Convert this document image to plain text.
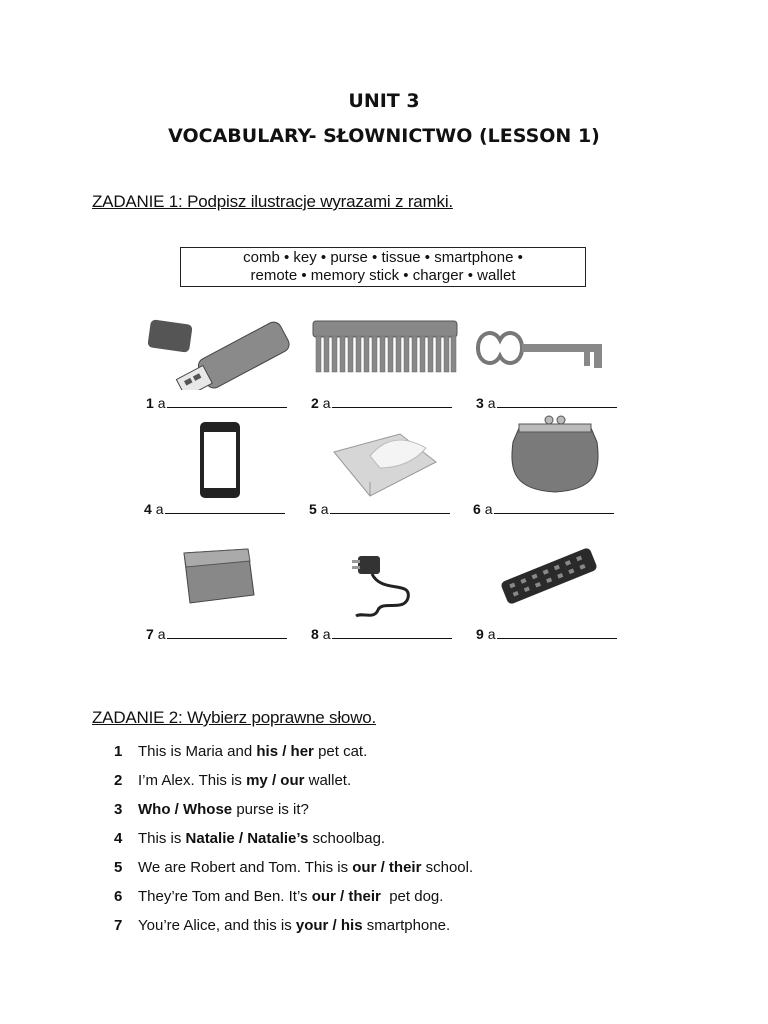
UNIT 3
VOCABULARY- SŁOWNICTWO (LESSON 1)
ZADANIE 1: Podpisz ilustracje wyrazami z ramki.
comb • key • purse • tissue • smartphone •
remote • memory stick • charger • wallet
1 a	2 a	3 a
4 a	5 a	6 a
7 a	8 a	9 a
ZADANIE 2: Wybierz poprawne słowo.
1 This is Maria and his / her pet cat.
2 I’m Alex. This is my / our wallet.
3 Who / Whose purse is it?
4 This is Natalie / Natalie’s schoolbag.
5 We are Robert and Tom. This is our / their school.
6 They’re Tom and Ben. It’s our / their  pet dog.
7 You’re Alice, and this is your / his smartphone.
